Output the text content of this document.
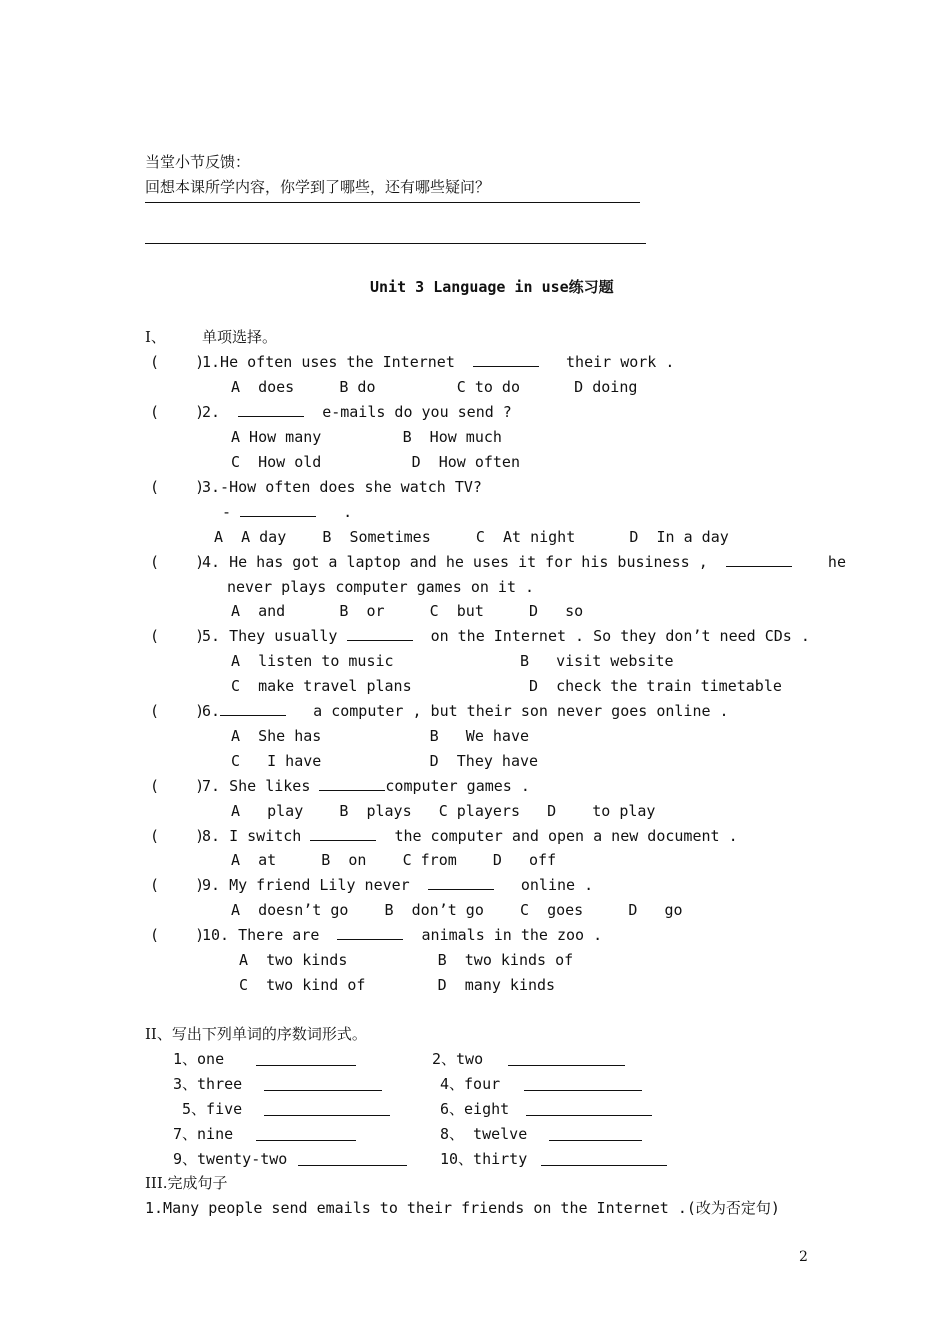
当堂小节反馈：
回想本课所学内容，你学到了哪些，还有哪些疑问？
Unit 3 Language in use练习题
I、 单项选择。
(    )
1.He often uses the Internet	their work .
A  does     B do         C to do      D doing
(    )
2.	e-mails do you send ?
A How many         B  How much
C  How old          D  How often
(    )
3.-How often does she watch TV?
-	.
A  A day    B  Sometimes     C  At night      D  In a day
(    )
4. He has got a laptop and he uses it for his business ,	he
never plays computer games on it .
A  and      B  or     C  but     D   so
(    )
5. They usually	on the Internet . So they don’t need CDs .
A  listen to music              B   visit website
C  make travel plans             D  check the train timetable
(    )
6.	a computer , but their son never goes online .
A  She has            B   We have
C   I have            D  They have
(    )
7. She likes	computer games .
A   play    B  plays   C players   D    to play
(    )
8. I switch	the computer and open a new document .
A  at     B  on    C from    D   off
(    )
9. My friend Lily never	online .
A  doesn’t go    B  don’t go    C  goes     D   go
(    )
10. There are	animals in the zoo .
A  two kinds          B  two kinds of
C  two kind of        D  many kinds
II、写出下列单词的序数词形式。
1、one	2、two
3、three	4、four
5、five	6、eight
7、nine	8、 twelve
9、twenty-two	10、thirty
III.完成句子
1.Many people send emails to their friends on the Internet .(改为否定句)
2
